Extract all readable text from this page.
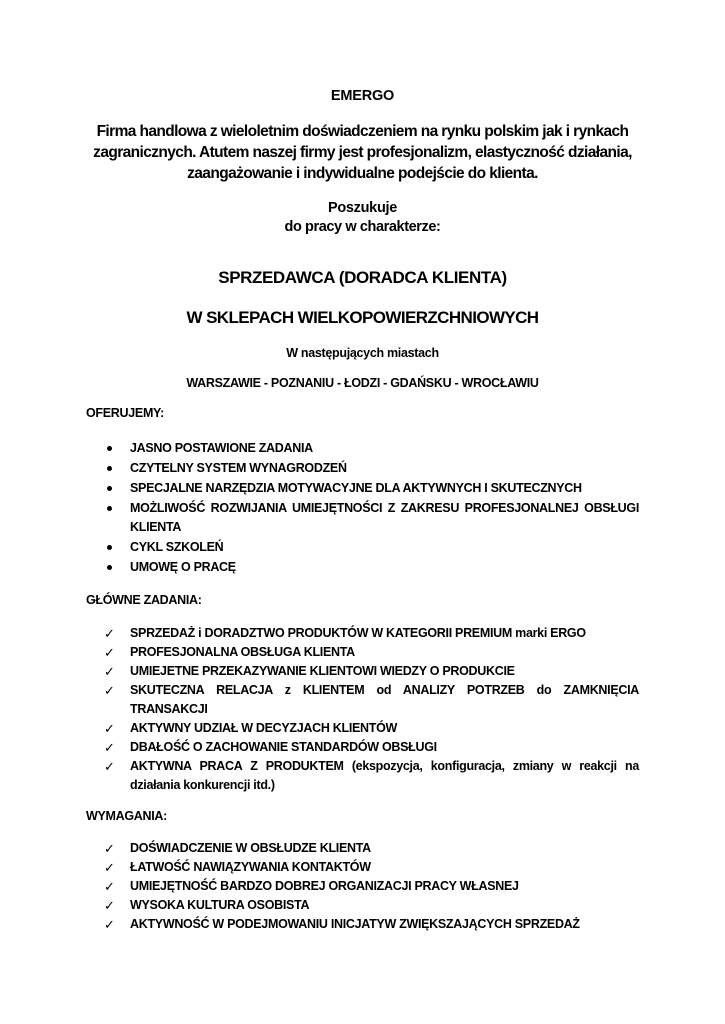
EMERGO
Firma handlowa z wieloletnim doświadczeniem na rynku polskim jak i rynkach zagranicznych. Atutem naszej firmy jest profesjonalizm, elastyczność działania, zaangażowanie i indywidualne podejście do klienta.
Poszukuje
do pracy w charakterze:
SPRZEDAWCA (DORADCA KLIENTA)
W SKLEPACH WIELKOPOWIERZCHNIOWYCH
W następujących miastach
WARSZAWIE - POZNANIU - ŁODZI - GDAŃSKU - WROCŁAWIU
OFERUJEMY:
JASNO POSTAWIONE ZADANIA
CZYTELNY SYSTEM WYNAGRODZEŃ
SPECJALNE NARZĘDZIA MOTYWACYJNE DLA AKTYWNYCH I SKUTECZNYCH
MOŻLIWOŚĆ ROZWIJANIA UMIEJĘTNOŚCI Z ZAKRESU PROFESJONALNEJ OBSŁUGI KLIENTA
CYKL SZKOLEŃ
UMOWĘ O PRACĘ
GŁÓWNE ZADANIA:
✓ SPRZEDAŻ i DORADZTWO PRODUKTÓW W KATEGORII PREMIUM marki ERGO
✓ PROFESJONALNA OBSŁUGA KLIENTA
✓ UMIEJETNE PRZEKAZYWANIE KLIENTOWI WIEDZY O PRODUKCIE
✓ SKUTECZNA RELACJA z KLIENTEM od ANALIZY POTRZEB do ZAMKNIĘCIA TRANSAKCJI
✓ AKTYWNY UDZIAŁ W DECYZJACH KLIENTÓW
✓ DBAŁOŚĆ O ZACHOWANIE STANDARDÓW OBSŁUGI
✓ AKTYWNA PRACA Z PRODUKTEM (ekspozycja, konfiguracja, zmiany w reakcji na działania konkurencji itd.)
WYMAGANIA:
✓ DOŚWIADCZENIE W OBSŁUDZE KLIENTA
✓ ŁATWOŚĆ NAWIĄZYWANIA KONTAKTÓW
✓ UMIEJĘTNOŚĆ BARDZO DOBREJ ORGANIZACJI PRACY WŁASNEJ
✓ WYSOKA KULTURA OSOBISTA
✓ AKTYWNOŚĆ W PODEJMOWANIU INICJATYW ZWIĘKSZAJĄCYCH SPRZEDAŻ
